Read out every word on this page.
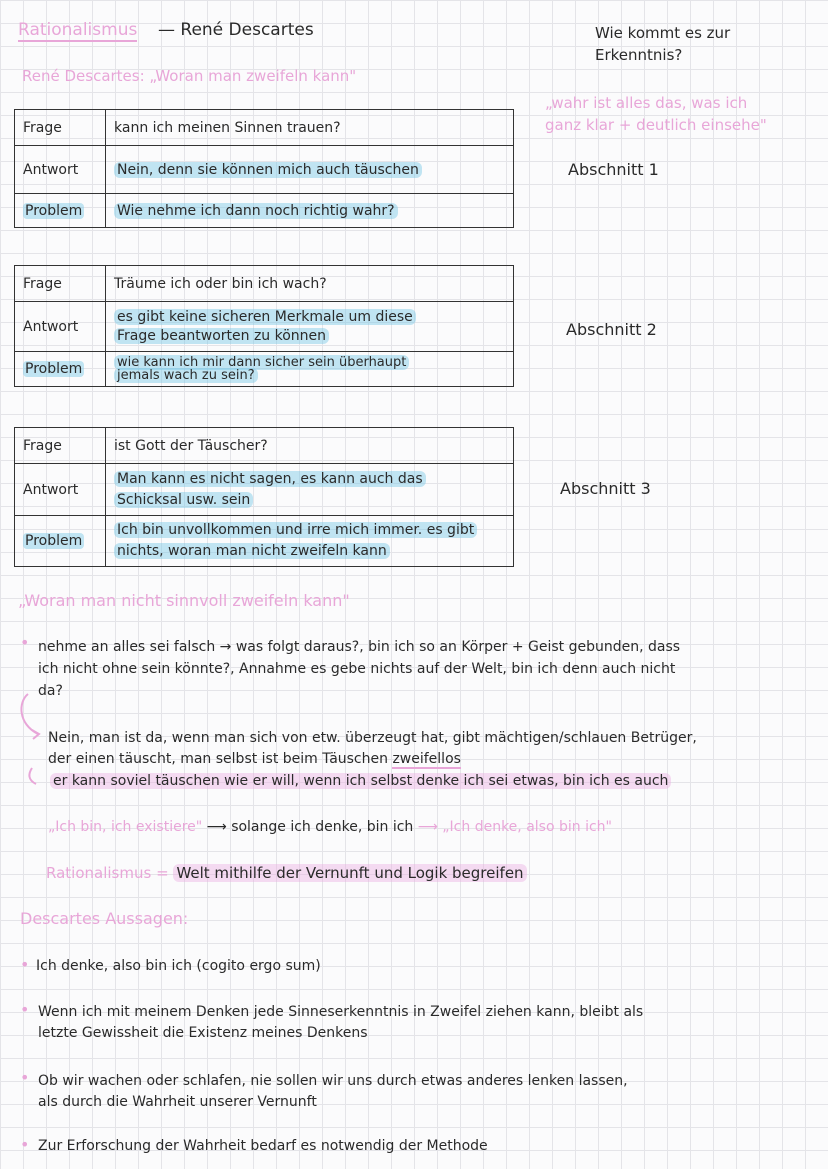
Rationalismus — René Descartes
René Descartes: „Woran man zweifeln kann"
Wie kommt es zur
Erkenntnis?
„wahr ist alles das, was ich
ganz klar + deutlich einsehe"
Abschnitt 1
Abschnitt 2
Abschnitt 3
Frage	kann ich meinen Sinnen trauen?
Antwort	Nein, denn sie können mich auch täuschen
Problem	Wie nehme ich dann noch richtig wahr?
Frage	Träume ich oder bin ich wach?
Antwort	es gibt keine sicheren Merkmale um diese
Frage beantworten zu können
Problem	wie kann ich mir dann sicher sein überhaupt
jemals wach zu sein?
Frage	ist Gott der Täuscher?
Antwort	Man kann es nicht sagen, es kann auch das
Schicksal usw. sein
Problem	Ich bin unvollkommen und irre mich immer. es gibt
nichts, woran man nicht zweifeln kann
„Woran man nicht sinnvoll zweifeln kann"
• nehme an alles sei falsch → was folgt daraus?, bin ich so an Körper + Geist gebunden, dass
ich nicht ohne sein könnte?, Annahme es gebe nichts auf der Welt, bin ich denn auch nicht
da?
Nein, man ist da, wenn man sich von etw. überzeugt hat, gibt mächtigen/schlauen Betrüger,
der einen täuscht, man selbst ist beim Täuschen zweifellos
er kann soviel täuschen wie er will, wenn ich selbst denke ich sei etwas, bin ich es auch
„Ich bin, ich existiere" ⟶ solange ich denke, bin ich ⟶ „Ich denke, also bin ich"
Rationalismus = Welt mithilfe der Vernunft und Logik begreifen
Descartes Aussagen:
• Ich denke, also bin ich (cogito ergo sum)
• Wenn ich mit meinem Denken jede Sinneserkenntnis in Zweifel ziehen kann, bleibt als
letzte Gewissheit die Existenz meines Denkens
• Ob wir wachen oder schlafen, nie sollen wir uns durch etwas anderes lenken lassen,
als durch die Wahrheit unserer Vernunft
• Zur Erforschung der Wahrheit bedarf es notwendig der Methode
